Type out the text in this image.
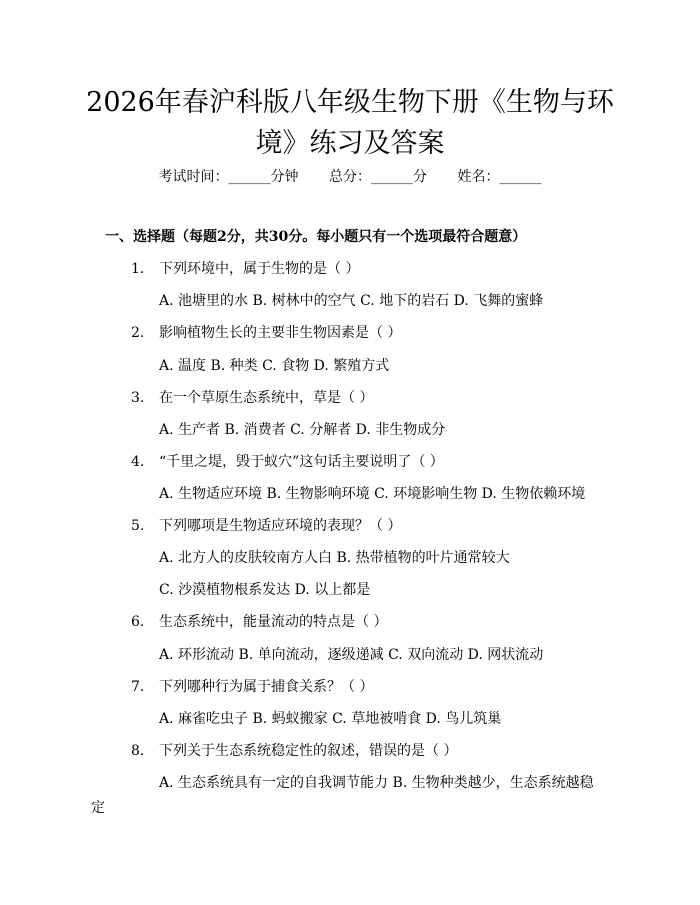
2026年春沪科版八年级生物下册《生物与环
境》练习及答案
考试时间：______分钟 总分：______分 姓名：______
一、选择题（每题2分，共30分。每小题只有一个选项最符合题意）
1. 下列环境中，属于生物的是（ ）
A. 池塘里的水 B. 树林中的空气 C. 地下的岩石 D. 飞舞的蜜蜂
2. 影响植物生长的主要非生物因素是（ ）
A. 温度 B. 种类 C. 食物 D. 繁殖方式
3. 在一个草原生态系统中，草是（ ）
A. 生产者 B. 消费者 C. 分解者 D. 非生物成分
4. “千里之堤，毁于蚁穴”这句话主要说明了（ ）
A. 生物适应环境 B. 生物影响环境 C. 环境影响生物 D. 生物依赖环境
5. 下列哪项是生物适应环境的表现？（ ）
A. 北方人的皮肤较南方人白 B. 热带植物的叶片通常较大
C. 沙漠植物根系发达 D. 以上都是
6. 生态系统中，能量流动的特点是（ ）
A. 环形流动 B. 单向流动，逐级递减 C. 双向流动 D. 网状流动
7. 下列哪种行为属于捕食关系？（ ）
A. 麻雀吃虫子 B. 蚂蚁搬家 C. 草地被啃食 D. 鸟儿筑巢
8. 下列关于生态系统稳定性的叙述，错误的是（ ）
A. 生态系统具有一定的自我调节能力 B. 生物种类越少，生态系统越稳
定
